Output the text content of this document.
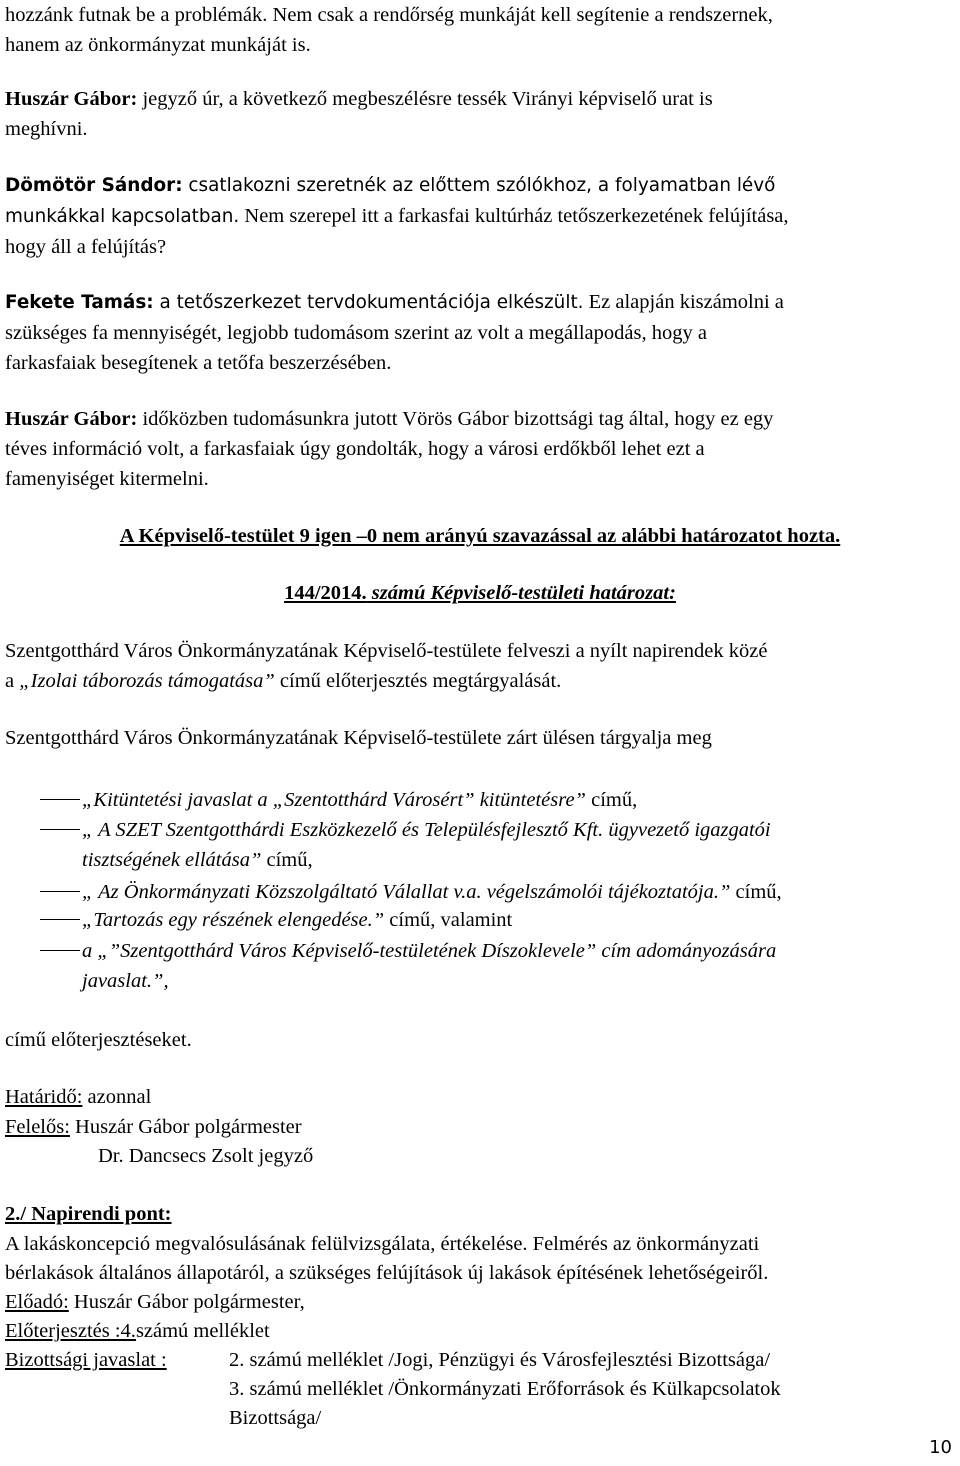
hozzánk futnak be a problémák. Nem csak a rendőrség munkáját kell segítenie a rendszernek,
hanem az önkormányzat munkáját is.
Huszár Gábor: jegyző úr, a következő megbeszélésre tessék Virányi képviselő urat is
meghívni.
Dömötör Sándor: csatlakozni szeretnék az előttem szólókhoz, a folyamatban lévő
munkákkal kapcsolatban. Nem szerepel itt a farkasfai kultúrház tetőszerkezetének felújítása,
hogy áll a felújítás?
Fekete Tamás: a tetőszerkezet tervdokumentációja elkészült. Ez alapján kiszámolni a
szükséges fa mennyiségét, legjobb tudomásom szerint az volt a megállapodás, hogy a
farkasfaiak besegítenek a tetőfa beszerzésében.
Huszár Gábor: időközben tudomásunkra jutott Vörös Gábor bizottsági tag által, hogy ez egy
téves információ volt, a farkasfaiak úgy gondolták, hogy a városi erdőkből lehet ezt a
famenyiséget kitermelni.
A Képviselő-testület 9 igen –0 nem arányú szavazással az alábbi határozatot hozta.
144/2014. számú Képviselő-testületi határozat:
Szentgotthárd Város Önkormányzatának Képviselő-testülete felveszi a nyílt napirendek közé
a „Izolai táborozás támogatása” című előterjesztés megtárgyalását.
Szentgotthárd Város Önkormányzatának Képviselő-testülete zárt ülésen tárgyalja meg
„Kitüntetési javaslat a „Szentotthárd Városért” kitüntetésre” című,
„ A SZET Szentgotthárdi Eszközkezelő és Településfejlesztő Kft. ügyvezető igazgatói
tisztségének ellátása” című,
„ Az Önkormányzati Közszolgáltató Válallat v.a. végelszámolói tájékoztatója.” című,
„Tartozás egy részének elengedése.” című, valamint
a „”Szentgotthárd Város Képviselő-testületének Díszoklevele” cím adományozására
javaslat.”,
című előterjesztéseket.
Határidő: azonnal
Felelős: Huszár Gábor polgármester
Dr. Dancsecs Zsolt jegyző
2./ Napirendi pont:
A lakáskoncepció megvalósulásának felülvizsgálata, értékelése. Felmérés az önkormányzati
bérlakások általános állapotáról, a szükséges felújítások új lakások építésének lehetőségeiről.
Előadó: Huszár Gábor polgármester,
Előterjesztés :4.számú melléklet
Bizottsági javaslat :	2. számú melléklet /Jogi, Pénzügyi és Városfejlesztési Bizottsága/
3. számú melléklet /Önkormányzati Erőforrások és Külkapcsolatok
Bizottsága/
10
